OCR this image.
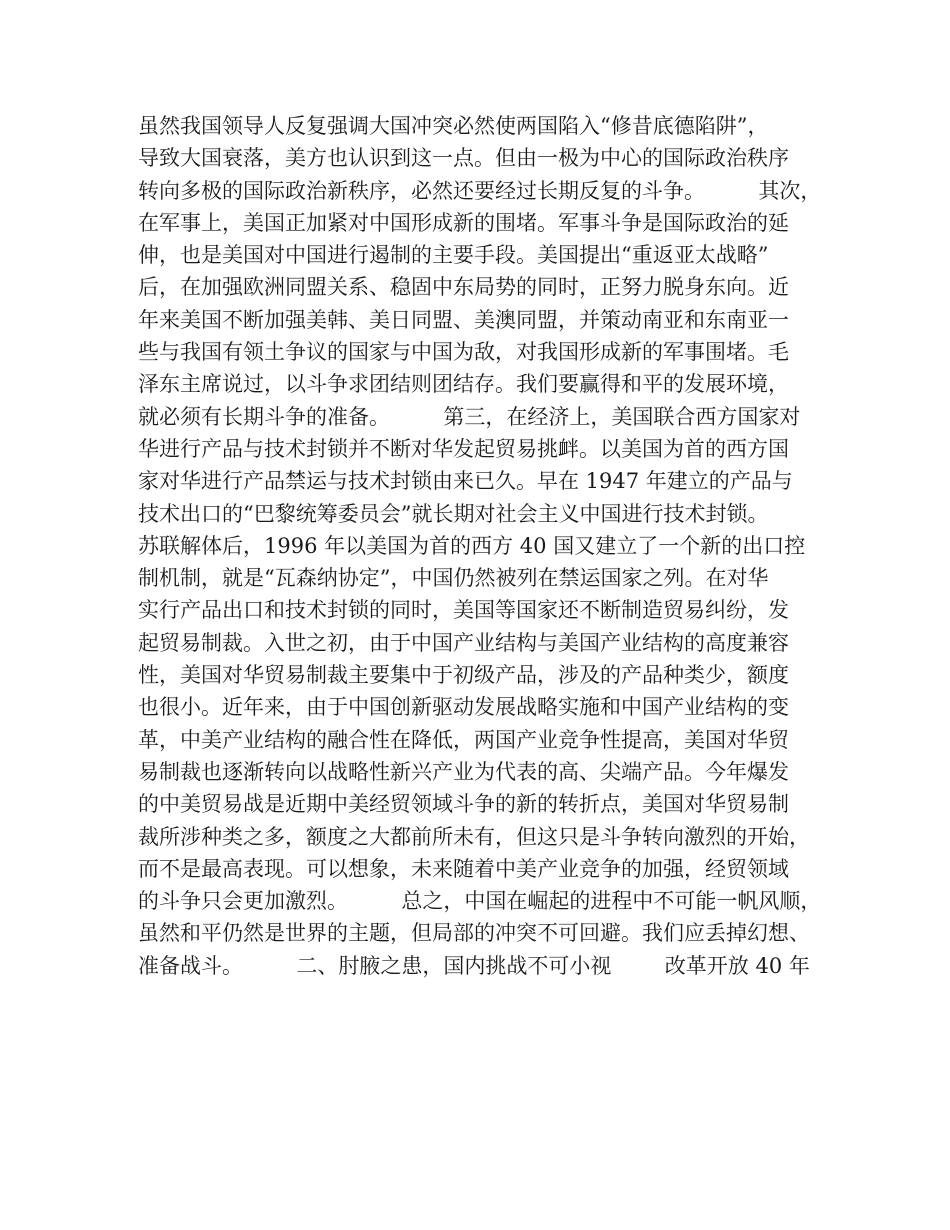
虽然我国领导人反复强调大国冲突必然使两国陷入“修昔底德陷阱”，
导致大国衰落，美方也认识到这一点。但由一极为中心的国际政治秩序
转向多极的国际政治新秩序，必然还要经过长期反复的斗争。        其次，
在军事上，美国正加紧对中国形成新的围堵。军事斗争是国际政治的延
伸，也是美国对中国进行遏制的主要手段。美国提出“重返亚太战略”
后，在加强欧洲同盟关系、稳固中东局势的同时，正努力脱身东向。近
年来美国不断加强美韩、美日同盟、美澳同盟，并策动南亚和东南亚一
些与我国有领土争议的国家与中国为敌，对我国形成新的军事围堵。毛
泽东主席说过，以斗争求团结则团结存。我们要赢得和平的发展环境，
就必须有长期斗争的准备。        第三，在经济上，美国联合西方国家对
华进行产品与技术封锁并不断对华发起贸易挑衅。以美国为首的西方国
家对华进行产品禁运与技术封锁由来已久。早在 1947 年建立的产品与
技术出口的“巴黎统筹委员会”就长期对社会主义中国进行技术封锁。
苏联解体后，1996 年以美国为首的西方 40 国又建立了一个新的出口控
制机制，就是“瓦森纳协定”，中国仍然被列在禁运国家之列。在对华
实行产品出口和技术封锁的同时，美国等国家还不断制造贸易纠纷，发
起贸易制裁。入世之初，由于中国产业结构与美国产业结构的高度兼容
性，美国对华贸易制裁主要集中于初级产品，涉及的产品种类少，额度
也很小。近年来，由于中国创新驱动发展战略实施和中国产业结构的变
革，中美产业结构的融合性在降低，两国产业竞争性提高，美国对华贸
易制裁也逐渐转向以战略性新兴产业为代表的高、尖端产品。今年爆发
的中美贸易战是近期中美经贸领域斗争的新的转折点，美国对华贸易制
裁所涉种类之多，额度之大都前所未有，但这只是斗争转向激烈的开始，
而不是最高表现。可以想象，未来随着中美产业竞争的加强，经贸领域
的斗争只会更加激烈。        总之，中国在崛起的进程中不可能一帆风顺，
虽然和平仍然是世界的主题，但局部的冲突不可回避。我们应丢掉幻想、
准备战斗。        二、肘腋之患，国内挑战不可小视        改革开放 40 年
